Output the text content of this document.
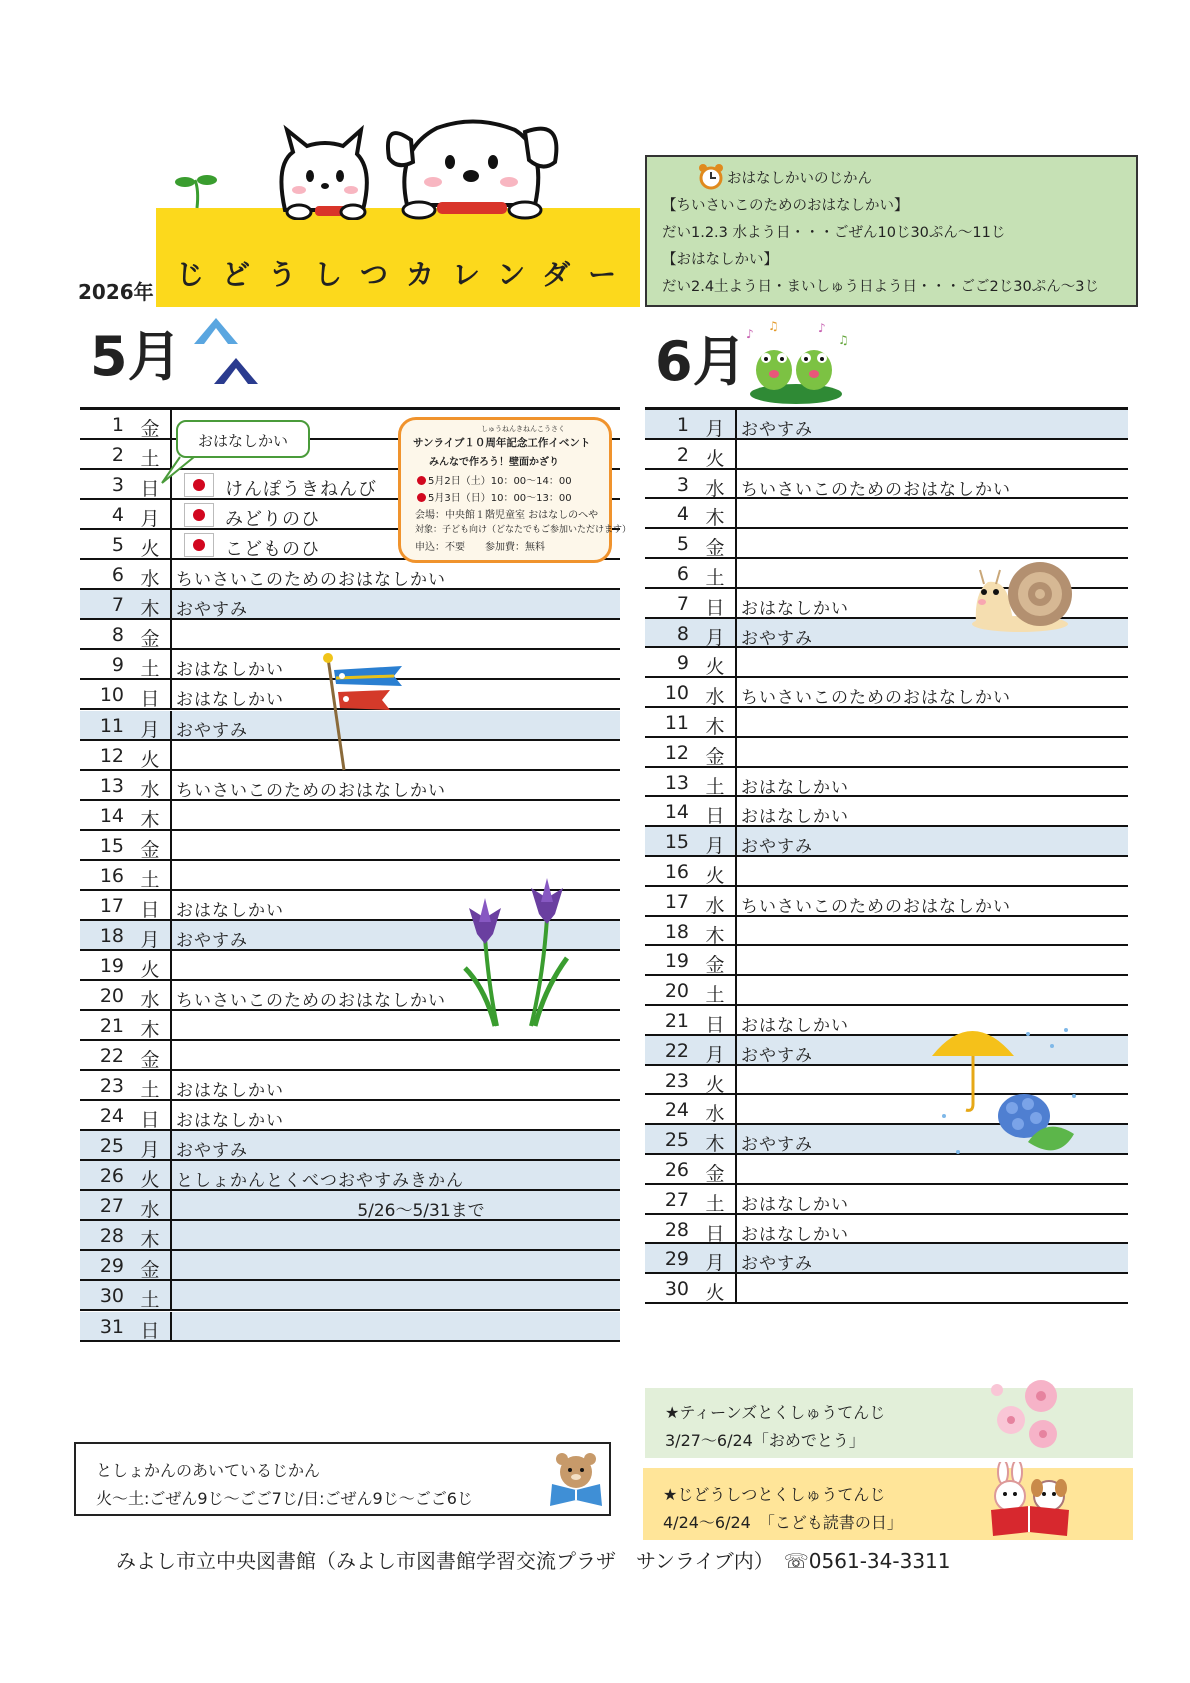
じどうしつカレンダー
2026年
おはなしかいのじかん
【ちいさいこのためのおはなしかい】
だい1.2.3 水よう日・・・ごぜん10じ30ぷん～11じ
【おはなしかい】
だい2.4土よう日・まいしゅう日よう日・・・ごご2じ30ぷん～3じ
5月	6月 ♪
♫	♪
♫
1 金
2 土
3 日	けんぽうきねんび
4 月	みどりのひ
5 火	こどものひ
6 水 ちいさいこのためのおはなしかい
7 木 おやすみ
8 金
9 土 おはなしかい
10 日 おはなしかい
11 月 おやすみ
12 火
13 水 ちいさいこのためのおはなしかい
14 木
15 金
16 土
17 日 おはなしかい
18 月 おやすみ
19 火
20 水 ちいさいこのためのおはなしかい
21 木
22 金
23 土 おはなしかい
24 日 おはなしかい
25 月 おやすみ
26 火 としょかんとくべつおやすみきかん
27 水	5/26～5/31まで
28 木
29 金
30 土
31 日
1 月 おやすみ
2 火
3 水 ちいさいこのためのおはなしかい
4 木
5 金
6 土
7 日 おはなしかい
8 月 おやすみ
9 火
10 水 ちいさいこのためのおはなしかい
11 木
12 金
13 土 おはなしかい
14 日 おはなしかい
15 月 おやすみ
16 火
17 水 ちいさいこのためのおはなしかい
18 木
19 金
20 土
21 日 おはなしかい
22 月 おやすみ
23 火
24 水
25 木 おやすみ
26 金
27 土 おはなしかい
28 日 おはなしかい
29 月 おやすみ
30 火
おはなしかい
しゅうねんきねんこうさく
サンライブ１０周年記念工作イベント
みんなで作ろう！壁面かざり
5月2日（土）10：00～14：00
5月3日（日）10：00～13：00
会場：中央館１階児童室 おはなしのへや
対象：子ども向け（どなたでもご参加いただけます）
申込：不要　　参加費：無料
としょかんのあいているじかん
火～土:ごぜん9じ～ごご7じ/日:ごぜん9じ～ごご6じ
★ティーンズとくしゅうてんじ
3/27～6/24「おめでとう」
★じどうしつとくしゅうてんじ
4/24～6/24　「こども読書の日」
みよし市立中央図書館（みよし市図書館学習交流プラザ　サンライブ内）　☏0561-34-3311
